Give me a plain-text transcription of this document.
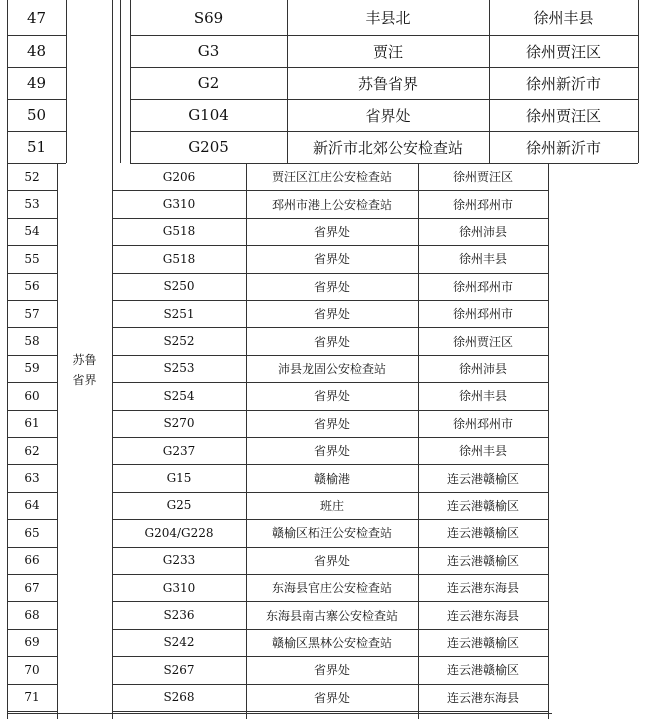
47	S69	丰县北	徐州丰县
48	G3	贾汪	徐州贾汪区
49	G2	苏鲁省界	徐州新沂市
50	G104	省界处	徐州贾汪区
51	G205	新沂市北郊公安检查站	徐州新沂市
52	G206	贾汪区江庄公安检查站	徐州贾汪区
53	G310	邳州市港上公安检查站	徐州邳州市
54	G518	省界处	徐州沛县
55	G518	省界处	徐州丰县
56	S250	省界处	徐州邳州市
57	S251	省界处	徐州邳州市
58	S252	省界处	徐州贾汪区
59	S253	沛县龙固公安检查站	徐州沛县
60	S254	省界处	徐州丰县
61	S270	省界处	徐州邳州市
62	G237	省界处	徐州丰县
63	G15	赣榆港	连云港赣榆区
64	G25	班庄	连云港赣榆区
65	G204/G228	赣榆区柘汪公安检查站	连云港赣榆区
66	G233	省界处	连云港赣榆区
67	G310	东海县官庄公安检查站	连云港东海县
68	S236	东海县南古寨公安检查站	连云港东海县
69	S242	赣榆区黑林公安检查站	连云港赣榆区
70	S267	省界处	连云港赣榆区
71	S268	省界处	连云港东海县
苏鲁
省界
